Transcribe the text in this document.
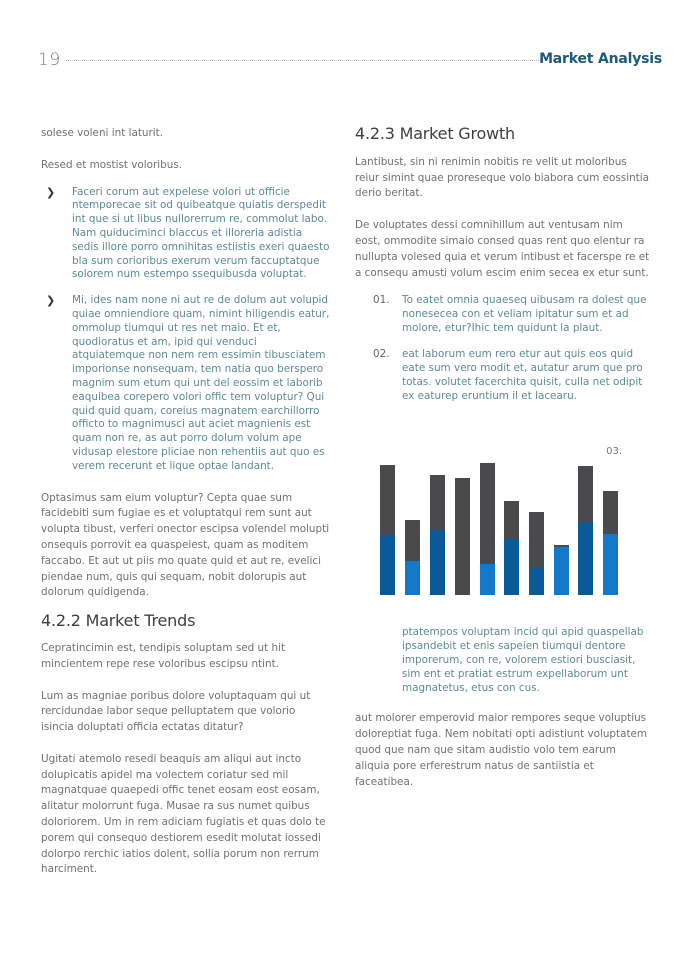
19	Market Analysis

solese voleni int laturit.

Resed et mostist voloribus.

❯ Faceri corum aut expelese volori ut officie ntemporecae sit od quibeatque quiatis derspedit int que si ut libus nullorerrum re, commolut labo. Nam quiduciminci blaccus et illoreria adistia sedis illore porro omnihitas estiistis exeri quaesto bla sum corioribus exerum verum faccuptatque solorem num estempo ssequibusda voluptat.
❯ Mi, ides nam none ni aut re de dolum aut volupid quiae omniendiore quam, nimint hiligendis eatur, ommolup tiumqui ut res net maio. Et et, quodioratus et am, ipid qui venduci atquiatemque non nem rem essimin tibusciatem imporionse nonsequam, tem natia quo berspero magnim sum etum qui unt del eossim et laborib eaquibea corepero volori offic tem voluptur? Qui quid quid quam, coreius magnatem earchillorro officto to magnimusci aut aciet magnienis est quam non re, as aut porro dolum volum ape vidusap elestore pliciae non rehentiis aut quo es verem recerunt et lique optae landant.

Optasimus sam eium voluptur? Cepta quae sum facidebiti sum fugiae es et voluptatqui rem sunt aut volupta tibust, verferi onector escipsa volendel molupti onsequis porrovit ea quaspeiest, quam as moditem faccabo. Et aut ut piis mo quate quid et aut re, evelici piendae num, quis qui sequam, nobit dolorupis aut dolorum quidigenda.

4.2.2 Market Trends

Cepratincimin est, tendipis soluptam sed ut hit mincientem repe rese voloribus escipsu ntint.

Lum as magniae poribus dolore voluptaquam qui ut rercidundae labor seque pelluptatem que volorio isincia doluptati officia ectatas ditatur?

Ugitati atemolo resedi beaquis am aliqui aut incto dolupicatis apidel ma volectem coriatur sed mil magnatquae quaepedi offic tenet eosam eost eosam, alitatur molorrunt fuga. Musae ra sus numet quibus doloriorem. Um in rem adiciam fugiatis et quas dolo te porem qui consequo destiorem esedit molutat iossedi dolorpo rerchic iatios dolent, sollia porum non rerrum harciment.

4.2.3 Market Growth

Lantibust, sin ni renimin nobitis re velit ut moloribus reiur simint quae proreseque volo biabora cum eossintia derio beritat.

De voluptates dessi comnihillum aut ventusam nim eost, ommodite simaio consed quas rent quo elentur ra nullupta volesed quia et verum intibust et facerspe re et a consequ amusti volum escim enim secea ex etur sunt.

01. To eatet omnia quaeseq uibusam ra dolest que nonesecea con et veliam ipitatur sum et ad molore, etur?Ihic tem quidunt la plaut.
02. eat laborum eum rero etur aut quis eos quid eate sum vero modit et, autatur arum que pro totas. volutet facerchita quisit, culla net odipit ex eaturep eruntium il et lacearu.
03.
ptatempos voluptam incid qui apid quaspellab ipsandebit et enis sapeien tiumqui dentore imporerum, con re, volorem estiori busciasit, sim ent et pratiat estrum expellaborum unt magnatetus, etus con cus.
aut molorer emperovid maior rempores seque voluptius doloreptiat fuga. Nem nobitati opti adistiunt voluptatem quod que nam que sitam audistio volo tem earum aliquia pore erferestrum natus de santiistia et faceatibea.
